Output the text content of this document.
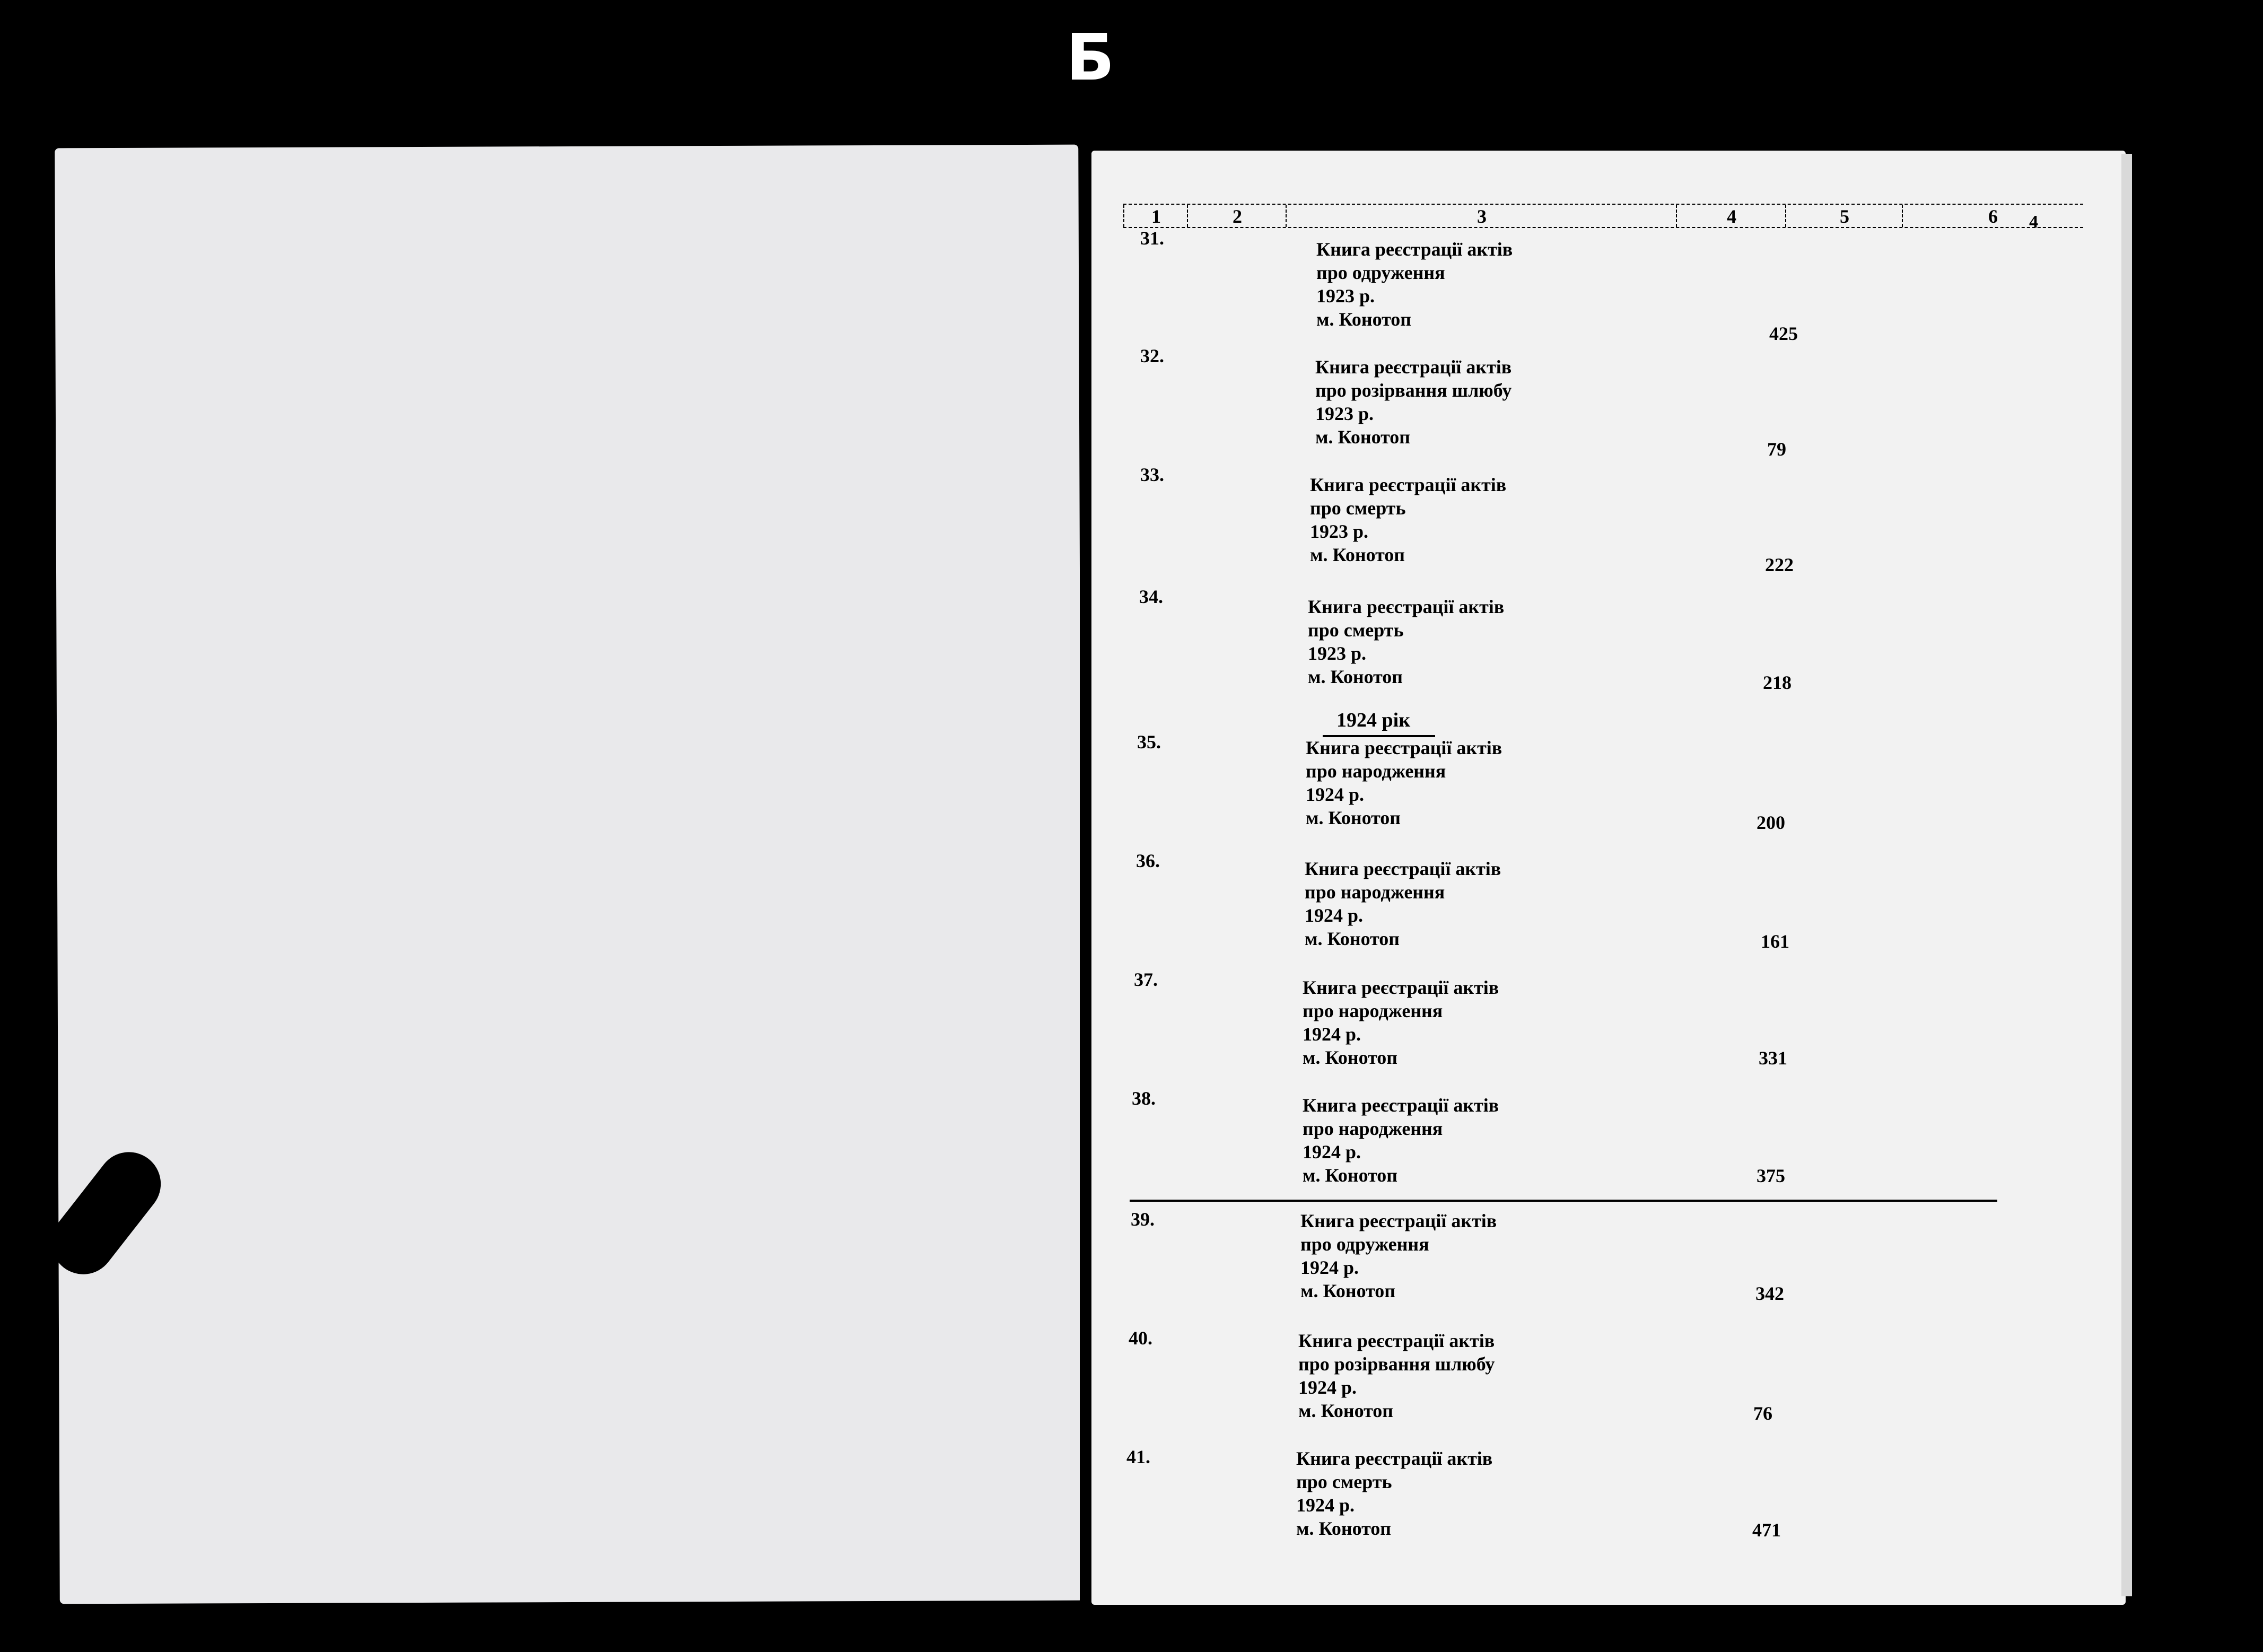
Б
1	2	3	4	5	6	4
1924 рік
31.
Книга реєстрації актів
про одруження
1923 р.
м. Конотоп
425
32.
Книга реєстрації актів
про розірвання шлюбу
1923 р.
м. Конотоп
79
33.	Книга реєстрації актів
про смерть
1923 р.
м. Конотоп	222
34.	Книга реєстрації актів
про смерть
1923 р.
м. Конотоп	218
35.	Книга реєстрації актів
про народження
1924 р.
м. Конотоп	200
36.	Книга реєстрації актів
про народження
1924 р.
м. Конотоп	161
37.	Книга реєстрації актів
про народження
1924 р.
м. Конотоп	331
38.	Книга реєстрації актів
про народження
1924 р.
м. Конотоп	375
39.	Книга реєстрації актів
про одруження
1924 р.
м. Конотоп	342
40.	Книга реєстрації актів
про розірвання шлюбу
1924 р.
м. Конотоп	76
41.	Книга реєстрації актів
про смерть
1924 р.
м. Конотоп	471
